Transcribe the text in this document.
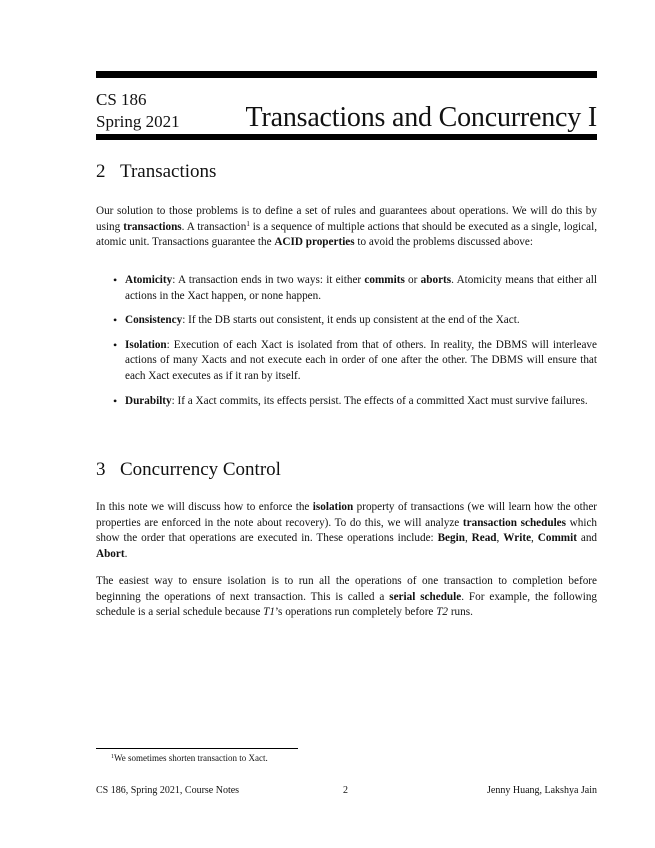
CS 186
Spring 2021 Transactions and Concurrency I
2 Transactions

Our solution to those problems is to define a set of rules and guarantees about operations. We will do this by using transactions. A transaction$^1$ is a sequence of multiple actions that should be executed as a single, logical, atomic unit. Transactions guarantee the ACID properties to avoid the problems discussed above:

• Atomicity: A transaction ends in two ways: it either commits or aborts. Atomicity means that either all actions in the Xact happen, or none happen.
• Consistency: If the DB starts out consistent, it ends up consistent at the end of the Xact.
• Isolation: Execution of each Xact is isolated from that of others. In reality, the DBMS will interleave actions of many Xacts and not execute each in order of one after the other. The DBMS will ensure that each Xact executes as if it ran by itself.
• Durabilty: If a Xact commits, its effects persist. The effects of a committed Xact must survive failures.
3 Concurrency Control

In this note we will discuss how to enforce the isolation property of transactions (we will learn how the other properties are enforced in the note about recovery). To do this, we will analyze transaction schedules which show the order that operations are executed in. These operations include: Begin, Read, Write, Commit and Abort.

The easiest way to ensure isolation is to run all the operations of one transaction to completion before beginning the operations of next transaction. This is called a serial schedule. For example, the following schedule is a serial schedule because T1’s operations run completely before T2 runs.

$^1$We sometimes shorten transaction to Xact.
CS 186, Spring 2021, Course Notes	2	Jenny Huang, Lakshya Jain
